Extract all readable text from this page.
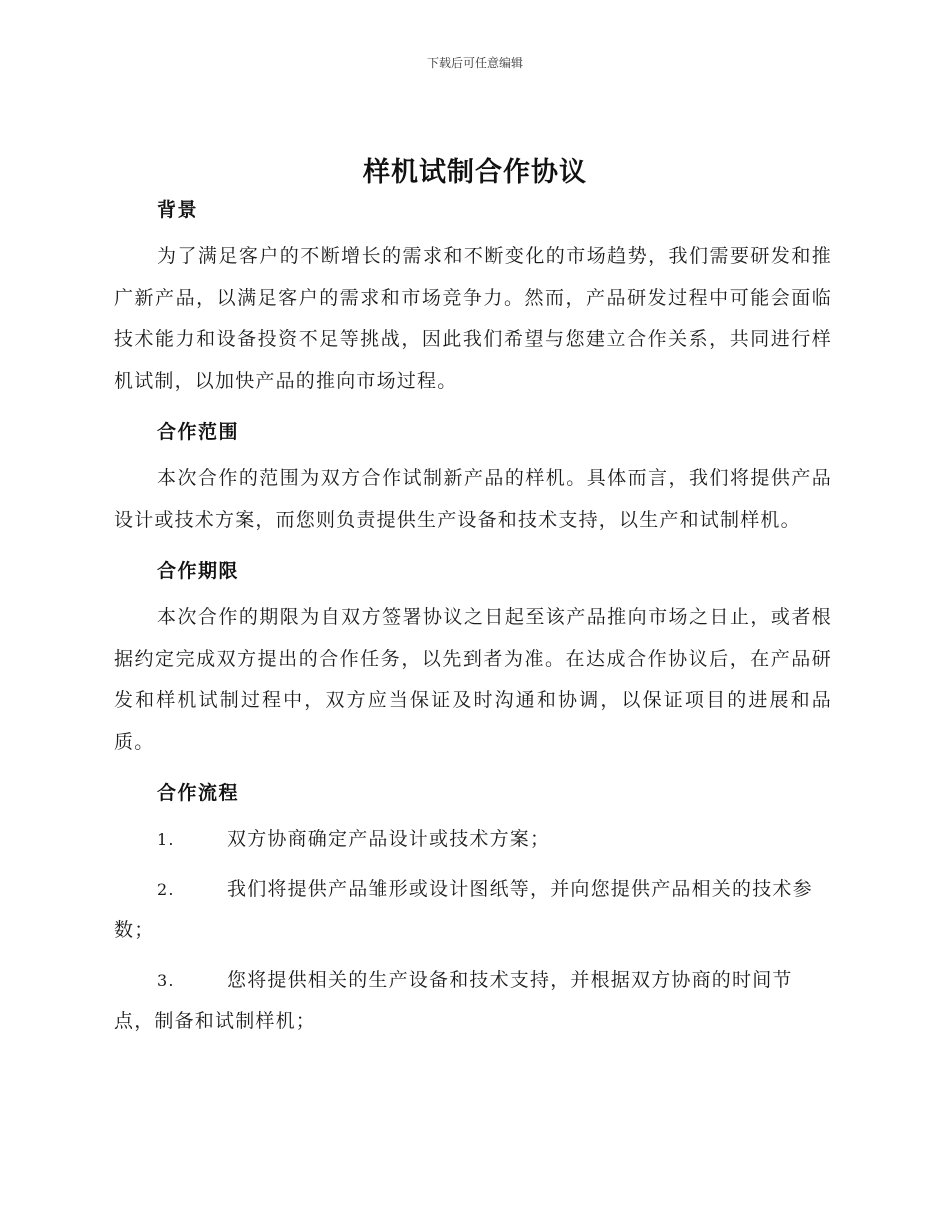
下载后可任意编辑
样机试制合作协议
背景

为了满足客户的不断增长的需求和不断变化的市场趋势，我们需要研发和推广新产品，以满足客户的需求和市场竞争力。然而，产品研发过程中可能会面临技术能力和设备投资不足等挑战，因此我们希望与您建立合作关系，共同进行样机试制，以加快产品的推向市场过程。

合作范围

本次合作的范围为双方合作试制新产品的样机。具体而言，我们将提供产品设计或技术方案，而您则负责提供生产设备和技术支持，以生产和试制样机。

合作期限

本次合作的期限为自双方签署协议之日起至该产品推向市场之日止，或者根据约定完成双方提出的合作任务，以先到者为准。在达成合作协议后，在产品研发和样机试制过程中，双方应当保证及时沟通和协调，以保证项目的进展和品质。

合作流程

1.	双方协商确定产品设计或技术方案；

2.	我们将提供产品雏形或设计图纸等，并向您提供产品相关的技术参数；

3.	您将提供相关的生产设备和技术支持，并根据双方协商的时间节点，制备和试制样机；
